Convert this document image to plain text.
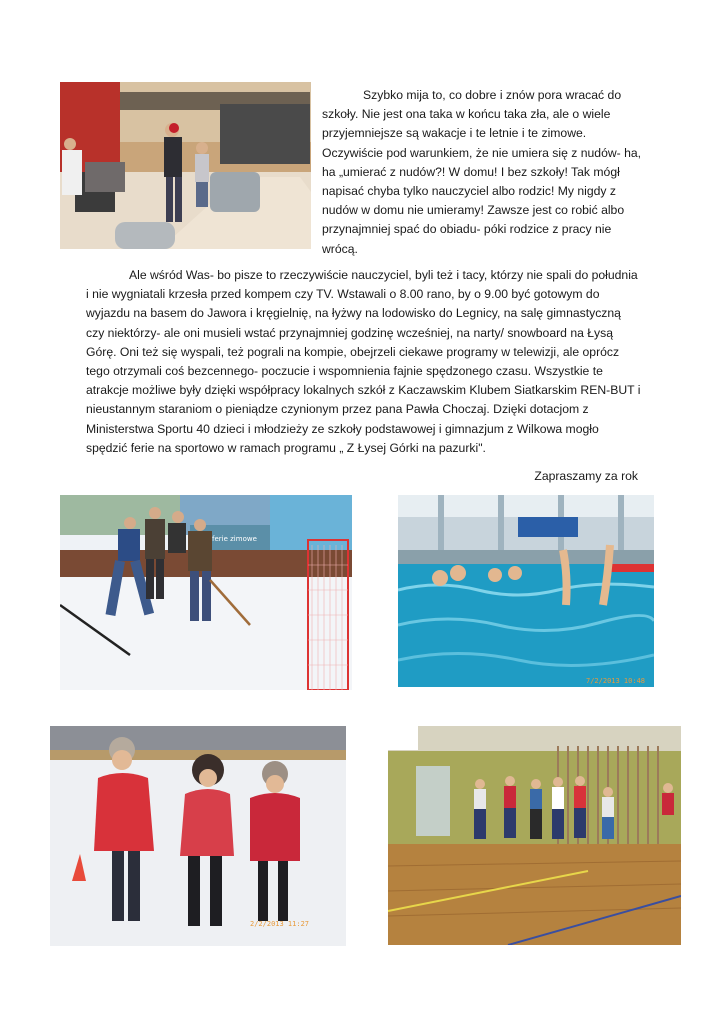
Szybko mija to, co dobre i znów pora wracać do szkoły. Nie jest ona taka w końcu taka zła, ale o wiele przyjemniejsze są wakacje i te letnie i te zimowe. Oczywiście pod warunkiem, że nie umiera się z nudów- ha, ha „umierać z nudów?! W domu! I bez szkoły! Tak mógł napisać chyba tylko nauczyciel albo rodzic! My nigdy z nudów w domu nie umieramy! Zawsze jest co robić albo przynajmniej spać do obiadu- póki rodzice z pracy nie wrócą.

Ale wśród Was- bo pisze to rzeczywiście nauczyciel, byli też i tacy, którzy nie spali do południa i nie wygniatali krzesła przed kompem czy TV. Wstawali o 8.00 rano, by o 9.00 być gotowym do wyjazdu na basem do Jawora i kręgielnię, na łyżwy na lodowisko do Legnicy, na salę gimnastyczną czy niektórzy- ale oni musieli wstać przynajmniej godzinę wcześniej, na narty/ snowboard na Łysą Górę. Oni też się wyspali, też pograli na kompie, obejrzeli ciekawe programy w telewizji, ale oprócz tego otrzymali coś bezcennego- poczucie i wspomnienia fajnie spędzonego czasu. Wszystkie te atrakcje możliwe były dzięki współpracy lokalnych szkół z Kaczawskim Klubem Siatkarskim REN-BUT i nieustannym staraniom o pieniądze czynionym przez pana Pawła Choczaj. Dzięki dotacjom z Ministerstwa Sportu 40 dzieci i młodzieży ze szkoły podstawowej i gimnazjum z Wilkowa mogło spędzić ferie na sportowo w ramach programu „ Z Łysej Górki na pazurki".

Zapraszamy za rok
ferie zimowe
7/2/2013 10:48
2/2/2013 11:27
